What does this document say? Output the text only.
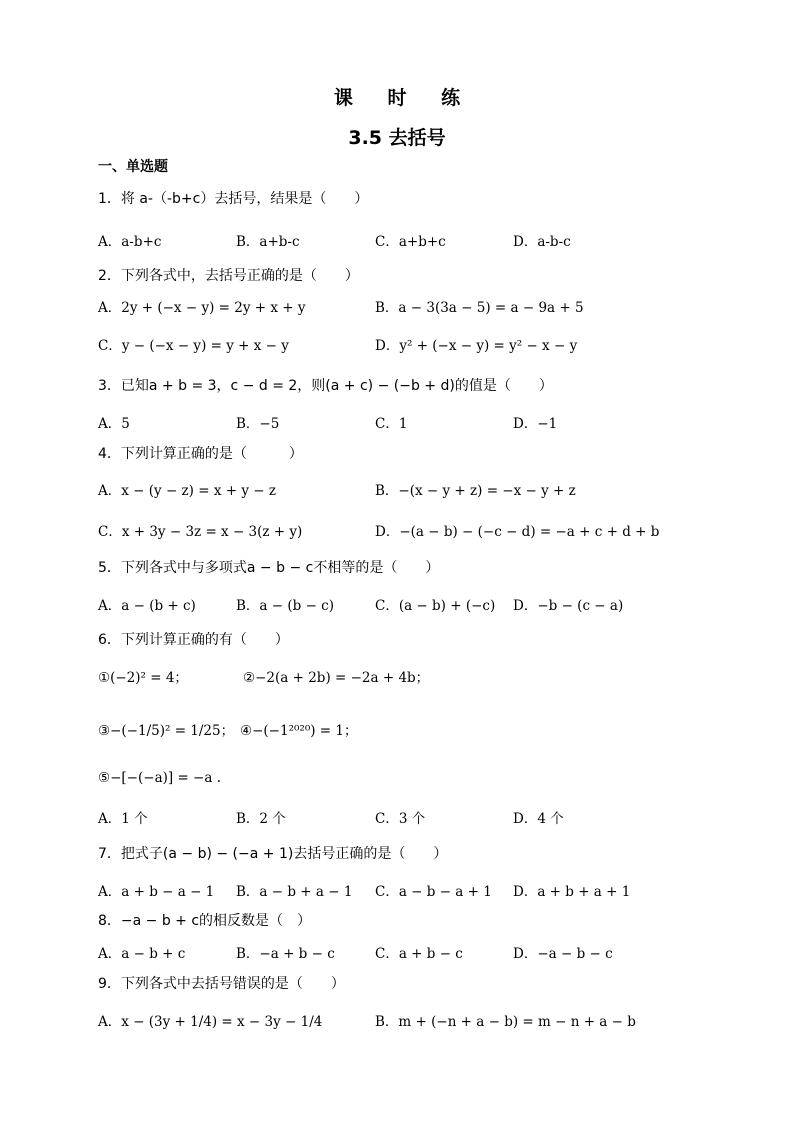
课 时 练
3.5 去括号
一、单选题
1．将 a-（-b+c）去括号，结果是（　　）
A．a-b+c	B．a+b-c	C．a+b+c	D．a-b-c
2．下列各式中，去括号正确的是（　　）
A．2y + (−x − y) = 2y + x + y	B．a − 3(3a − 5) = a − 9a + 5
C．y − (−x − y) = y + x − y	D．y² + (−x − y) = y² − x − y
3．已知a + b = 3，c − d = 2，则(a + c) − (−b + d)的值是（　　）
A．5	B．−5	C．1	D．−1
4．下列计算正确的是（　　　）
A．x − (y − z) = x + y − z	B．−(x − y + z) = −x − y + z
C．x + 3y − 3z = x − 3(z + y)	D．−(a − b) − (−c − d) = −a + c + d + b
5．下列各式中与多项式a − b − c不相等的是（　　）
A．a − (b + c)	B．a − (b − c)	C．(a − b) + (−c) D．−b − (c − a)
6．下列计算正确的有（　　）
①(−2)² = 4；	②−2(a + 2b) = −2a + 4b；
③−(−1/5)² = 1/25； ④−(−1²⁰²⁰) = 1；
⑤−[−(−a)] = −a .
A．1 个	B．2 个	C．3 个	D．4 个
7．把式子(a − b) − (−a + 1)去括号正确的是（　　）
A．a + b − a − 1 B．a − b + a − 1 C．a − b − a + 1 D．a + b + a + 1
8．−a − b + c的相反数是（　）
A．a − b + c	B．−a + b − c	C．a + b − c	D．−a − b − c
9．下列各式中去括号错误的是（　　）
A．x − (3y + 1/4) = x − 3y − 1/4	B．m + (−n + a − b) = m − n + a − b
